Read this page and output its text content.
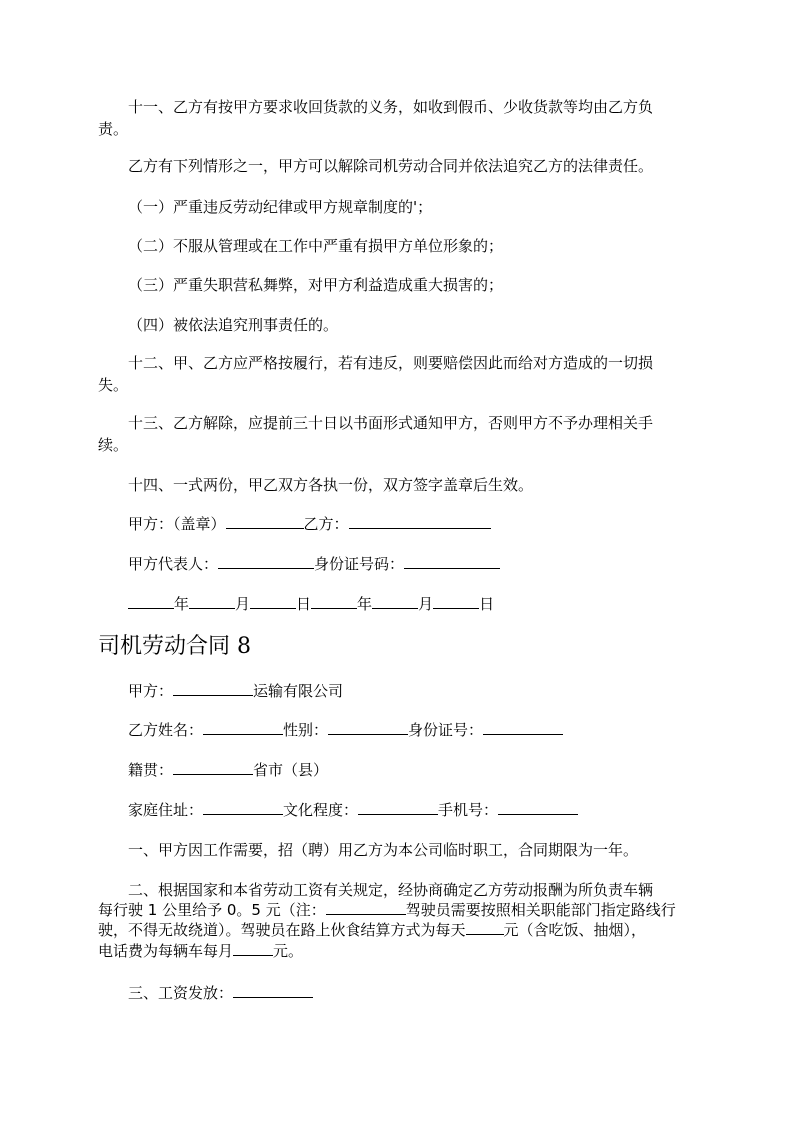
十一、乙方有按甲方要求收回货款的义务，如收到假币、少收货款等均由乙方负
责。
乙方有下列情形之一，甲方可以解除司机劳动合同并依法追究乙方的法律责任。
（一）严重违反劳动纪律或甲方规章制度的'；
（二）不服从管理或在工作中严重有损甲方单位形象的；
（三）严重失职营私舞弊，对甲方利益造成重大损害的；
（四）被依法追究刑事责任的。
十二、甲、乙方应严格按履行，若有违反，则要赔偿因此而给对方造成的一切损
失。
十三、乙方解除，应提前三十日以书面形式通知甲方，否则甲方不予办理相关手
续。
十四、一式两份，甲乙双方各执一份，双方签字盖章后生效。
甲方：（盖章）	乙方：
甲方代表人：	身份证号码：
年	月	日	年	月	日
司机劳动合同 8
甲方：	运输有限公司
乙方姓名：	性别：	身份证号：
籍贯：	省市（县）
家庭住址：	文化程度：	手机号：
一、甲方因工作需要，招（聘）用乙方为本公司临时职工，合同期限为一年。
二、根据国家和本省劳动工资有关规定，经协商确定乙方劳动报酬为所负责车辆
每行驶 1 公里给予 0。5 元（注：	驾驶员需要按照相关职能部门指定路线行
驶，不得无故绕道）。驾驶员在路上伙食结算方式为每天	元（含吃饭、抽烟），
电话费为每辆车每月	元。
三、工资发放：
